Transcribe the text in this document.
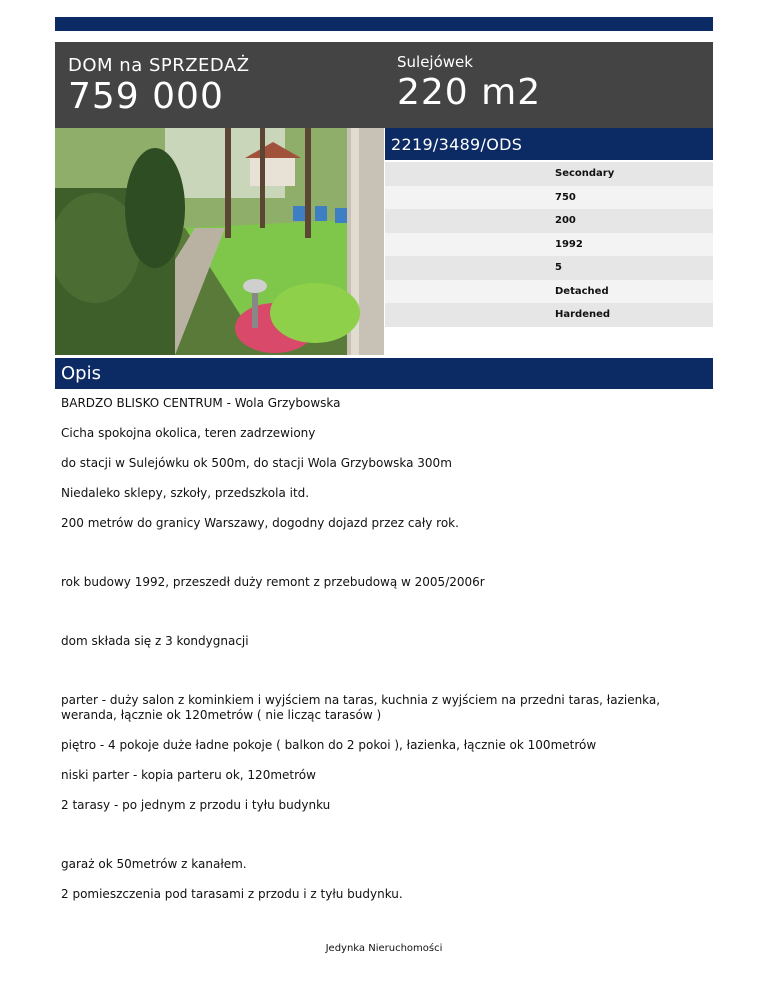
DOM na SPRZEDAŻ
759 000
Sulejówek
220 m2
2219/3489/ODS
Secondary
750
200
1992
5
Detached
Hardened
Opis

BARDZO BLISKO CENTRUM - Wola Grzybowska

Cicha spokojna okolica, teren zadrzewiony

do stacji w Sulejówku ok 500m, do stacji Wola Grzybowska 300m

Niedaleko sklepy, szkoły, przedszkola itd.

200 metrów do granicy Warszawy, dogodny dojazd przez cały rok.

rok budowy 1992, przeszedł duży remont z przebudową w 2005/2006r

dom składa się z 3 kondygnacji

parter - duży salon z kominkiem i wyjściem na taras, kuchnia z wyjściem na przedni taras, łazienka, weranda, łącznie ok 120metrów ( nie licząc tarasów )

piętro - 4 pokoje duże ładne pokoje ( balkon do 2 pokoi ), łazienka, łącznie ok 100metrów

niski parter - kopia parteru ok, 120metrów

2 tarasy - po jednym z przodu i tyłu budynku

garaż ok 50metrów z kanałem.

2 pomieszczenia pod tarasami z przodu i z tyłu budynku.

Jedynka Nieruchomości
